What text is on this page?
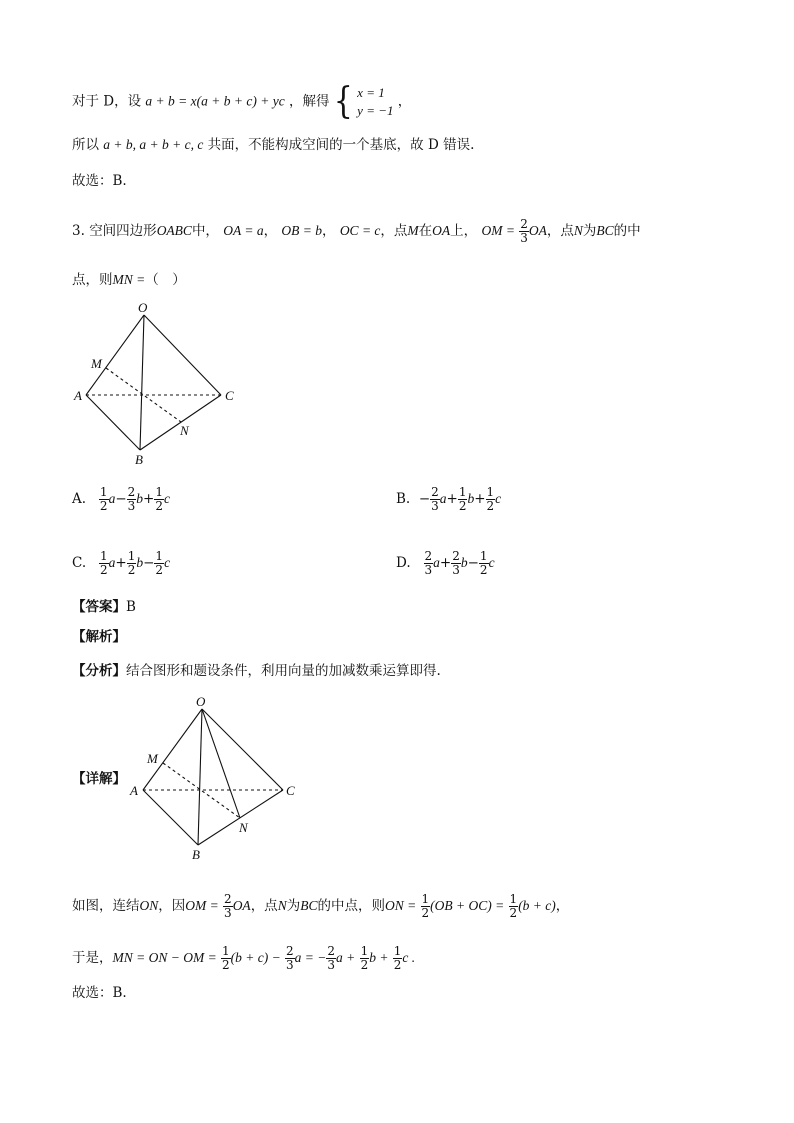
对于 D，设 a + b = x(a + b + c) + yc ，解得 { x = 1
y = −1
，
所以 a + b, a + b + c, c 共面，不能构成空间的一个基底，故 D 错误.
故选：B.
3. 空间四边形OABC中， OA = a， OB = b， OC = c，点M在OA上， OM = $\frac{2}{3}$ OA，点N为BC的中
点，则MN =（　）
O
M
A	C
N
B
A. $\frac{1}{2} a- \frac{2}{3} b+ \frac{1}{2}$ c	B. − $\frac{2}{3} a+ \frac{1}{2} b+ \frac{1}{2}$ c
C. $\frac{1}{2} a+ \frac{1}{2} b- \frac{1}{2}$ c	D. $\frac{2}{3} a+ \frac{2}{3} b- \frac{1}{2}$ c
【答案】B
【解析】
【分析】结合图形和题设条件，利用向量的加减数乘运算即得.
【详解】
O
M
A	C
N
B
如图，连结ON，因OM = $\frac{2}{3}$ OA，点N为BC的中点，则ON = $\frac{1}{2} (OB + OC) = \frac{1}{2} (b + c)$，
于是，MN = ON − OM = $\frac{1}{2} (b + c) - \frac{2}{3}$ a = − $\frac{2}{3}$ $a + \frac{1}{2}$ $b + \frac{1}{2}$ c .
故选：B.
